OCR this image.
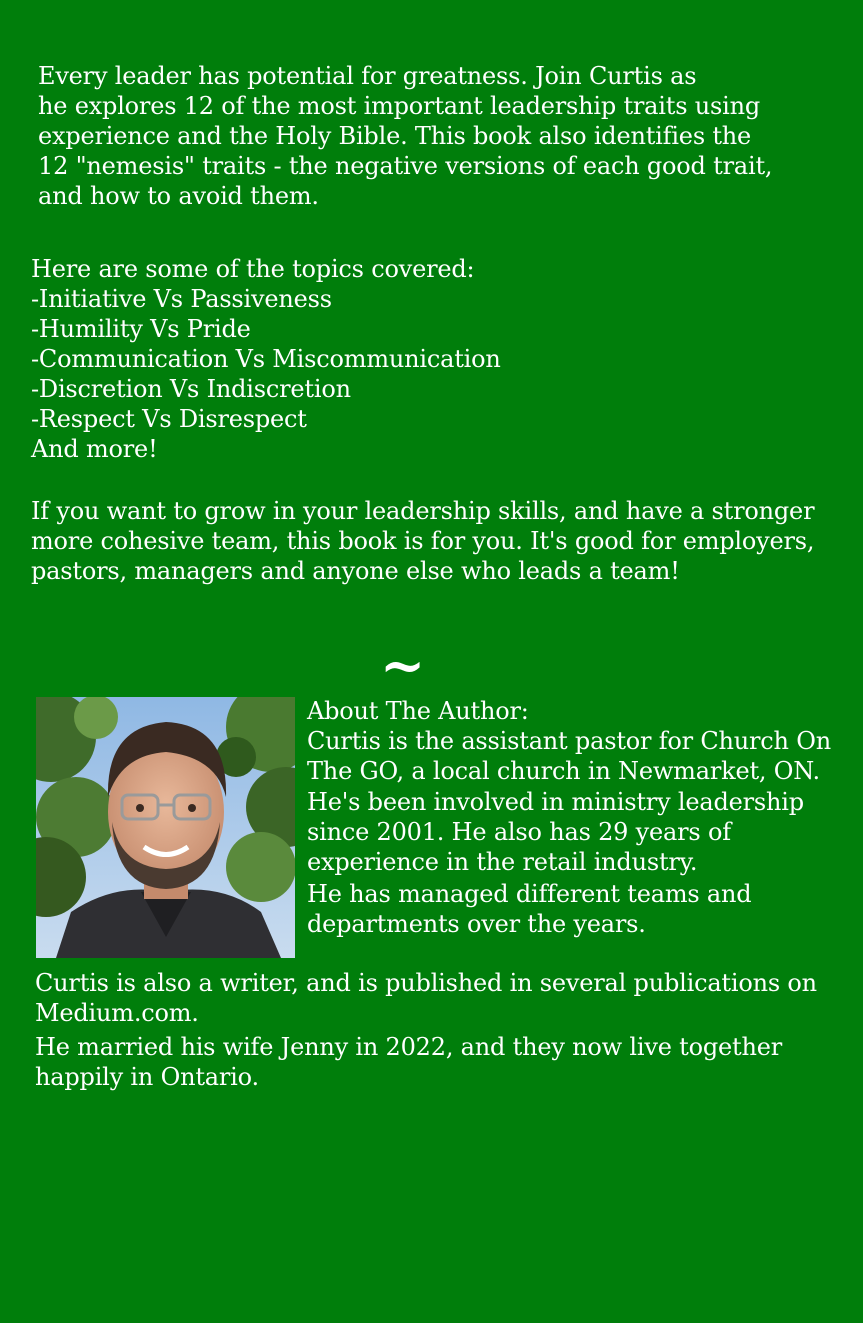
Every leader has potential for greatness. Join Curtis as
he explores 12 of the most important leadership traits using
experience and the Holy Bible. This book also identifies the
12 "nemesis" traits - the negative versions of each good trait,
and how to avoid them.
Here are some of the topics covered:
-Initiative Vs Passiveness
-Humility Vs Pride
-Communication Vs Miscommunication
-Discretion Vs Indiscretion
-Respect Vs Disrespect
And more!
If you want to grow in your leadership skills, and have a stronger
more cohesive team, this book is for you. It's good for employers,
pastors, managers and anyone else who leads a team!
~
About The Author:
Curtis is the assistant pastor for Church On
The GO, a local church in Newmarket, ON.
He's been involved in ministry leadership
since 2001. He also has 29 years of
experience in the retail industry.
He has managed different teams and
departments over the years.
Curtis is also a writer, and is published in several publications on
Medium.com.
He married his wife Jenny in 2022, and they now live together
happily in Ontario.
